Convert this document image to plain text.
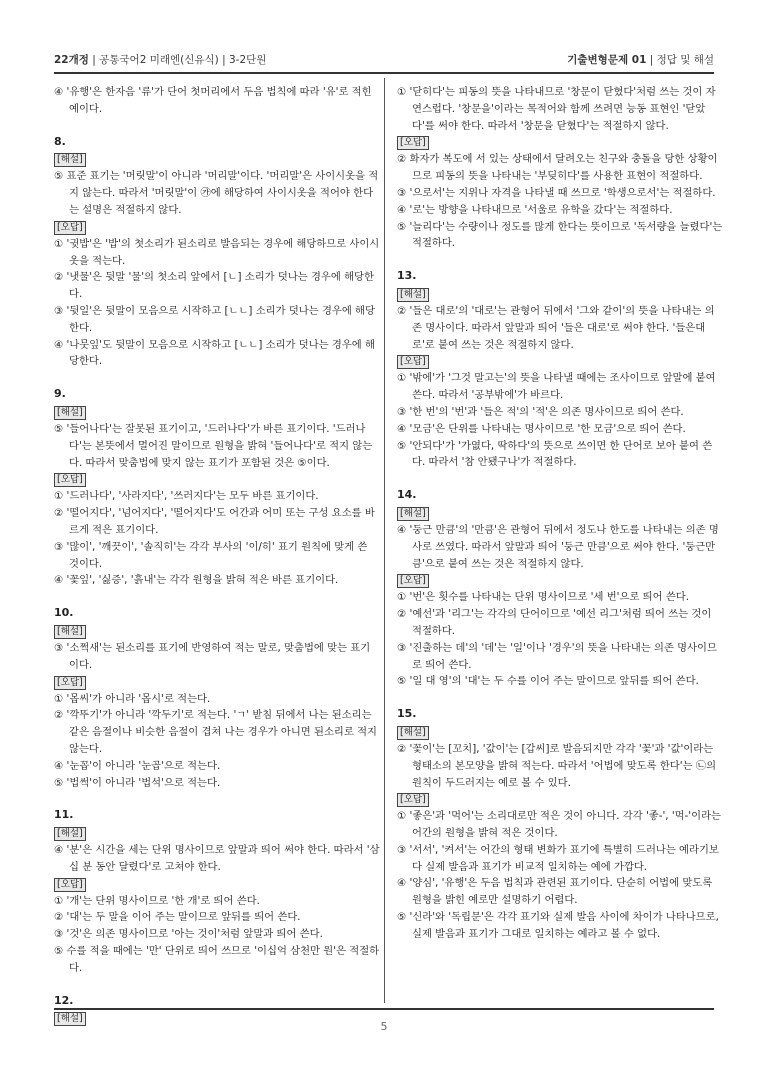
22개정 | 공통국어2 미래엔(신유식) | 3-2단원	기출변형문제 01 | 정답 및 해설

④ '유행'은 한자음 '류'가 단어 첫머리에서 두음 법칙에 따라 '유'로 적힌 예이다.

8.
[해설]

⑤ 표준 표기는 '머릿말'이 아니라 '머리말'이다. '머리말'은 사이시옷을 적지 않는다. 따라서 '머릿말'이 ㉮에 해당하여 사이시옷을 적어야 한다는 설명은 적절하지 않다.

[오답]

① '귓밥'은 '밥'의 첫소리가 된소리로 발음되는 경우에 해당하므로 사이시옷을 적는다.

② '냇물'은 뒷말 '물'의 첫소리 앞에서 [ㄴ] 소리가 덧나는 경우에 해당한다.

③ '뒷일'은 뒷말이 모음으로 시작하고 [ㄴㄴ] 소리가 덧나는 경우에 해당한다.

④ '나뭇잎'도 뒷말이 모음으로 시작하고 [ㄴㄴ] 소리가 덧나는 경우에 해당한다.

9.
[해설]

⑤ '들어나다'는 잘못된 표기이고, '드러나다'가 바른 표기이다. '드러나다'는 본뜻에서 멀어진 말이므로 원형을 밝혀 '들어나다'로 적지 않는다. 따라서 맞춤법에 맞지 않는 표기가 포함된 것은 ⑤이다.

[오답]

① '드러나다', '사라지다', '쓰러지다'는 모두 바른 표기이다.

② '떨어지다', '넘어지다', '떨어지다'도 어간과 어미 또는 구성 요소를 바르게 적은 표기이다.

③ '많이', '깨끗이', '솔직히'는 각각 부사의 '이/히' 표기 원칙에 맞게 쓴 것이다.

④ '꽃잎', '싫증', '흙내'는 각각 원형을 밝혀 적은 바른 표기이다.

10.
[해설]

③ '소쩍새'는 된소리를 표기에 반영하여 적는 말로, 맞춤법에 맞는 표기이다.

[오답]

① '몹씨'가 아니라 '몹시'로 적는다.

② '깍뚜기'가 아니라 '깍두기'로 적는다. 'ㄱ' 받침 뒤에서 나는 된소리는 같은 음절이나 비슷한 음절이 겹쳐 나는 경우가 아니면 된소리로 적지 않는다.

④ '눈꼽'이 아니라 '눈곱'으로 적는다.

⑤ '법썩'이 아니라 '법석'으로 적는다.

11.
[해설]

④ '분'은 시간을 세는 단위 명사이므로 앞말과 띄어 써야 한다. 따라서 '삼십 분 동안 달렸다'로 고쳐야 한다.

[오답]

① '개'는 단위 명사이므로 '한 개'로 띄어 쓴다.

② '대'는 두 말을 이어 주는 말이므로 앞뒤를 띄어 쓴다.

③ '것'은 의존 명사이므로 '아는 것이'처럼 앞말과 띄어 쓴다.

⑤ 수를 적을 때에는 '만' 단위로 띄어 쓰므로 '이십억 삼천만 원'은 적절하다.

12.
[해설]

① '닫히다'는 피동의 뜻을 나타내므로 '창문이 닫혔다'처럼 쓰는 것이 자연스럽다. '창문을'이라는 목적어와 함께 쓰려면 능동 표현인 '닫았다'를 써야 한다. 따라서 '창문을 닫혔다'는 적절하지 않다.

[오답]

② 화자가 복도에 서 있는 상태에서 달려오는 친구와 충돌을 당한 상황이므로 피동의 뜻을 나타내는 '부딪히다'를 사용한 표현이 적절하다.

③ '으로서'는 지위나 자격을 나타낼 때 쓰므로 '학생으로서'는 적절하다.

④ '로'는 방향을 나타내므로 '서울로 유학을 갔다'는 적절하다.

⑤ '늘리다'는 수량이나 정도를 많게 한다는 뜻이므로 '독서량을 늘렸다'는 적절하다.

13.
[해설]

② '들은 대로'의 '대로'는 관형어 뒤에서 '그와 같이'의 뜻을 나타내는 의존 명사이다. 따라서 앞말과 띄어 '들은 대로'로 써야 한다. '들은대로'로 붙여 쓰는 것은 적절하지 않다.

[오답]

① '밖에'가 '그것 말고는'의 뜻을 나타낼 때에는 조사이므로 앞말에 붙여 쓴다. 따라서 '공부밖에'가 바르다.

③ '한 번'의 '번'과 '들은 적'의 '적'은 의존 명사이므로 띄어 쓴다.

④ '모금'은 단위를 나타내는 명사이므로 '한 모금'으로 띄어 쓴다.

⑤ '안되다'가 '가엾다, 딱하다'의 뜻으로 쓰이면 한 단어로 보아 붙여 쓴다. 따라서 '참 안됐구나'가 적절하다.

14.
[해설]

④ '둥근 만큼'의 '만큼'은 관형어 뒤에서 정도나 한도를 나타내는 의존 명사로 쓰였다. 따라서 앞말과 띄어 '둥근 만큼'으로 써야 한다. '둥근만큼'으로 붙여 쓰는 것은 적절하지 않다.

[오답]

① '번'은 횟수를 나타내는 단위 명사이므로 '세 번'으로 띄어 쓴다.

② '예선'과 '리그'는 각각의 단어이므로 '예선 리그'처럼 띄어 쓰는 것이 적절하다.

③ '진출하는 데'의 '데'는 '일'이나 '경우'의 뜻을 나타내는 의존 명사이므로 띄어 쓴다.

⑤ '일 대 영'의 '대'는 두 수를 이어 주는 말이므로 앞뒤를 띄어 쓴다.

15.
[해설]

② '꽃이'는 [꼬치], '값이'는 [갑씨]로 발음되지만 각각 '꽃'과 '값'이라는 형태소의 본모양을 밝혀 적는다. 따라서 '어법에 맞도록 한다'는 ㉡의 원칙이 두드러지는 예로 볼 수 있다.

[오답]

① '좋은'과 '먹어'는 소리대로만 적은 것이 아니다. 각각 '좋-', '먹-'이라는 어간의 원형을 밝혀 적은 것이다.

③ '서서', '켜서'는 어간의 형태 변화가 표기에 특별히 드러나는 예라기보다 실제 발음과 표기가 비교적 일치하는 예에 가깝다.

④ '양심', '유행'은 두음 법칙과 관련된 표기이다. 단순히 어법에 맞도록 원형을 밝힌 예로만 설명하기 어렵다.

⑤ '신라'와 '독립문'은 각각 표기와 실제 발음 사이에 차이가 나타나므로, 실제 발음과 표기가 그대로 일치하는 예라고 볼 수 없다.

5
